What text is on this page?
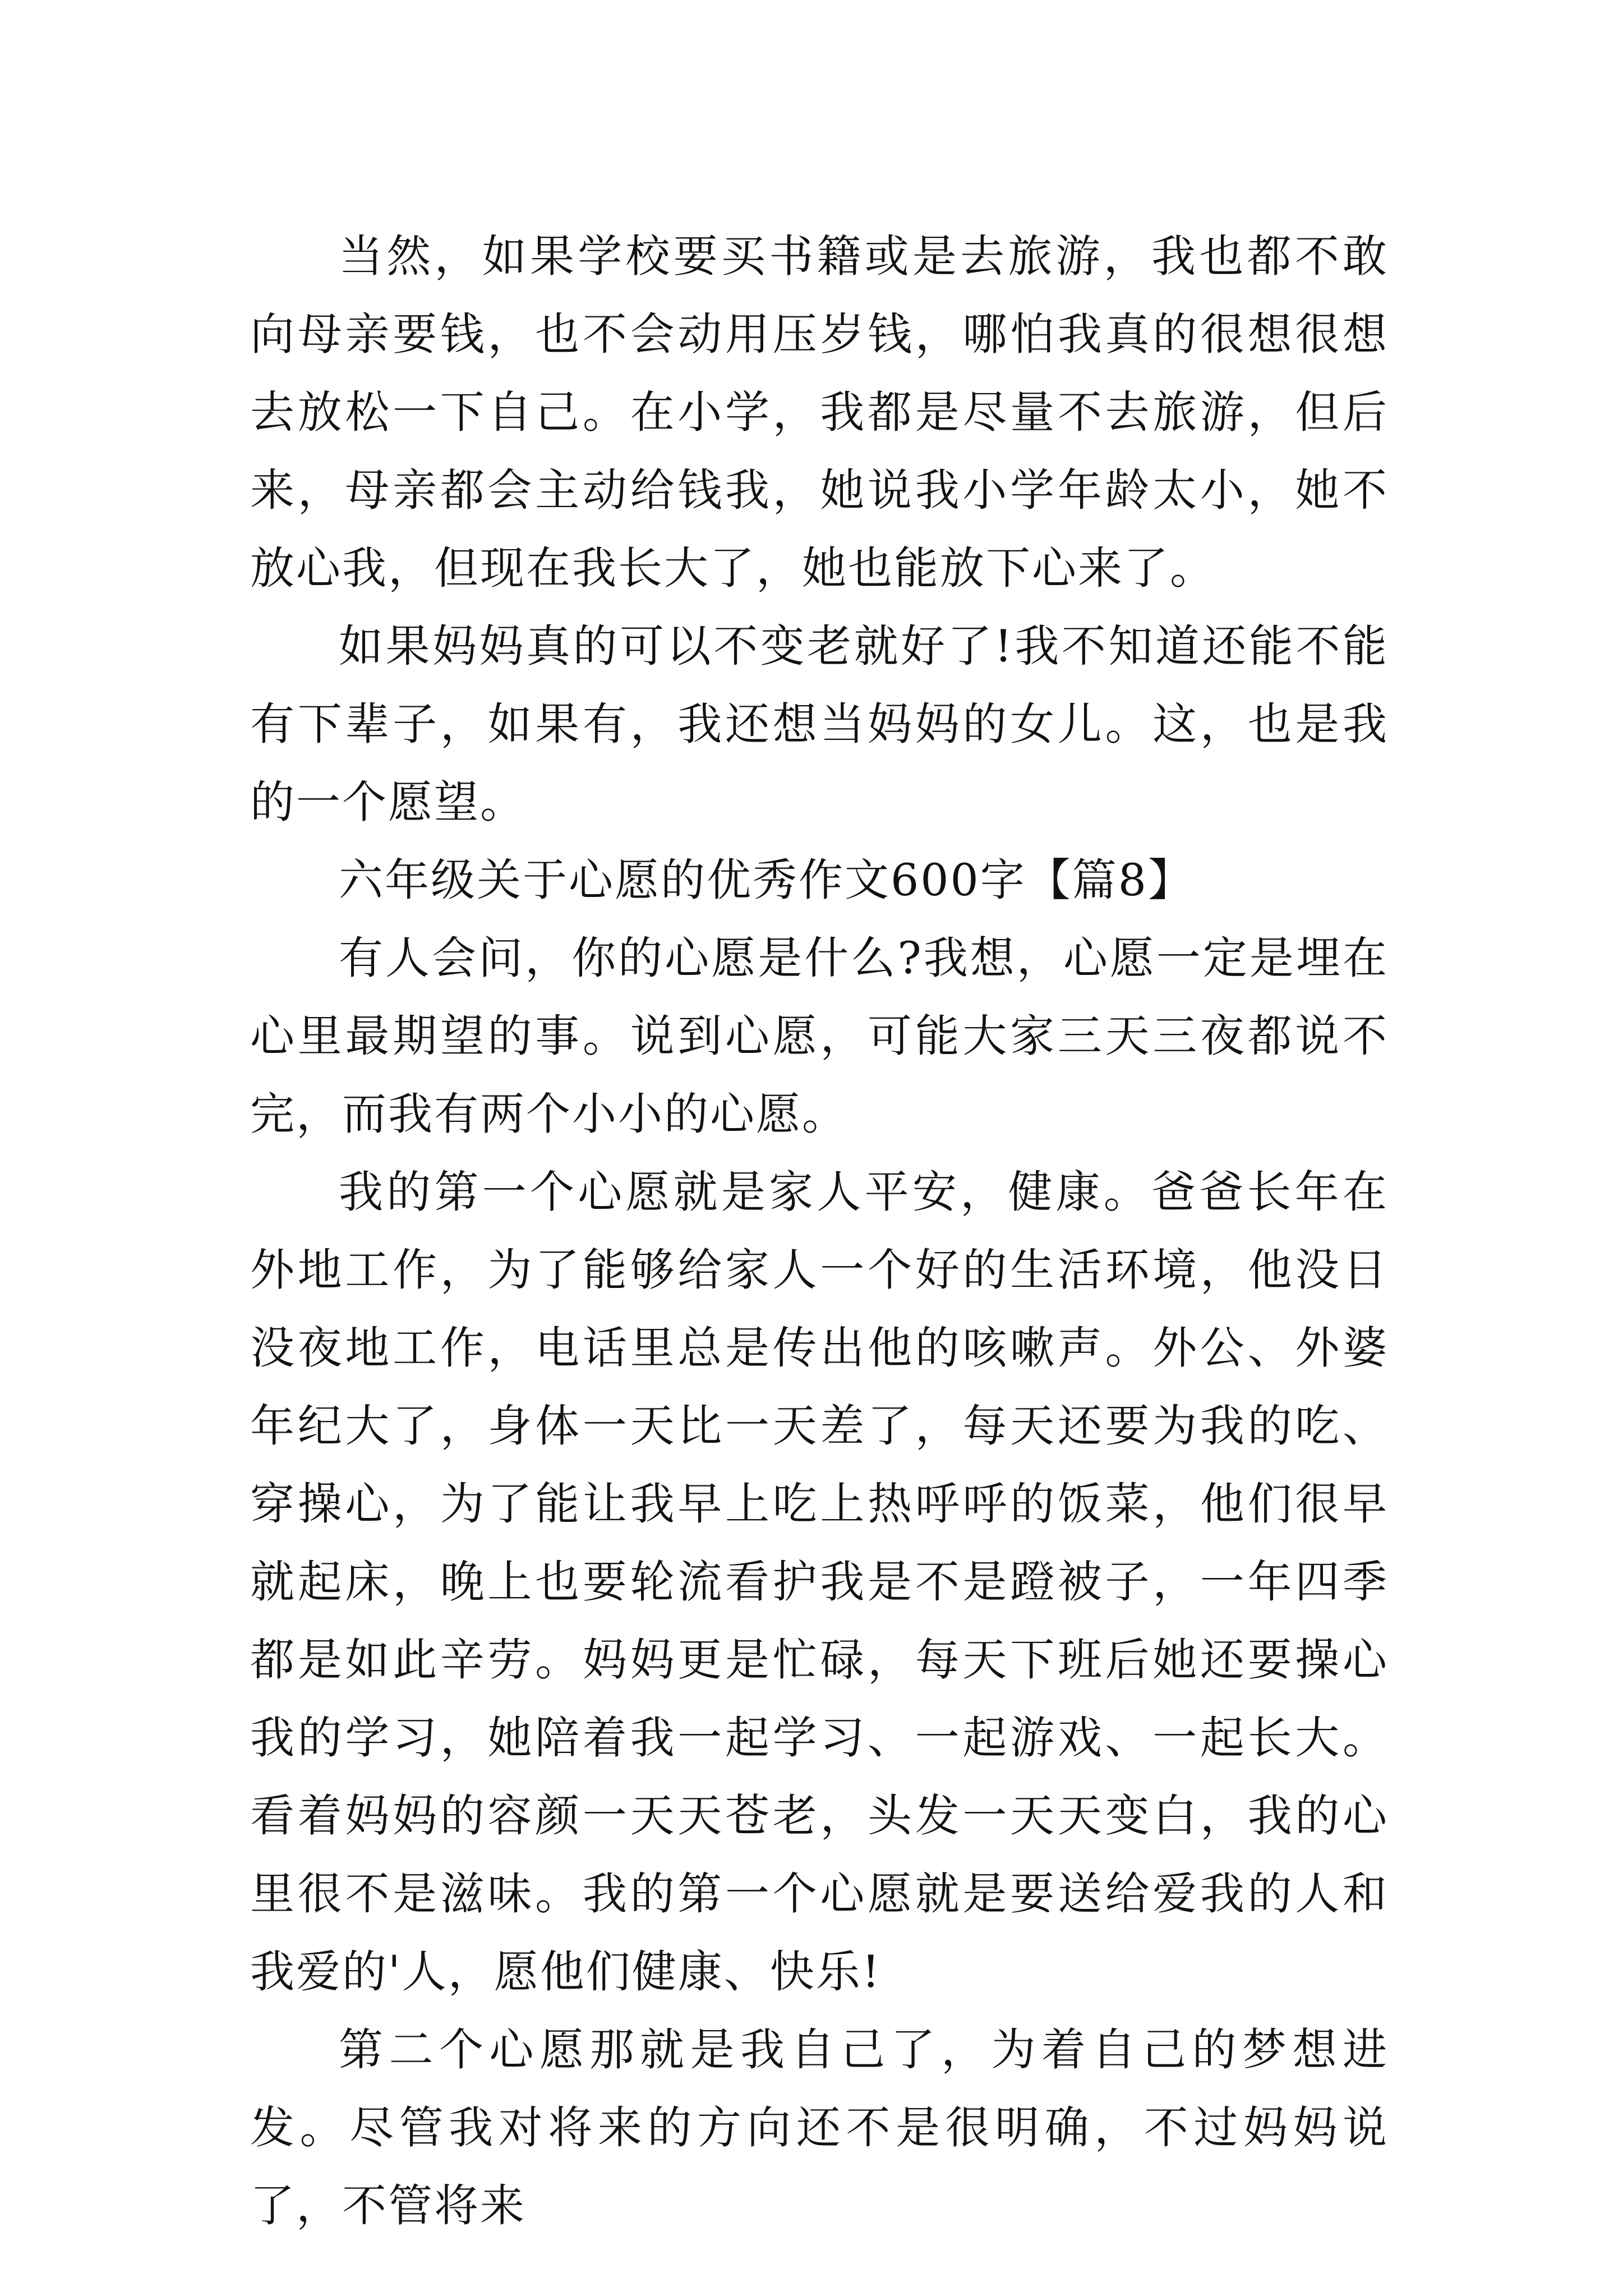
当然，如果学校要买书籍或是去旅游，我也都不敢向母亲要钱，也不会动用压岁钱，哪怕我真的很想很想去放松一下自己。在小学，我都是尽量不去旅游，但后来，母亲都会主动给钱我，她说我小学年龄太小，她不放心我，但现在我长大了，她也能放下心来了。

如果妈妈真的可以不变老就好了!我不知道还能不能有下辈子，如果有，我还想当妈妈的女儿。这，也是我的一个愿望。

六年级关于心愿的优秀作文600字【篇8】

有人会问，你的心愿是什么?我想，心愿一定是埋在心里最期望的事。说到心愿，可能大家三天三夜都说不完，而我有两个小小的心愿。

我的第一个心愿就是家人平安，健康。爸爸长年在外地工作，为了能够给家人一个好的生活环境，他没日没夜地工作，电话里总是传出他的咳嗽声。外公、外婆年纪大了，身体一天比一天差了，每天还要为我的吃、穿操心，为了能让我早上吃上热呼呼的饭菜，他们很早就起床，晚上也要轮流看护我是不是蹬被子，一年四季都是如此辛劳。妈妈更是忙碌，每天下班后她还要操心我的学习，她陪着我一起学习、一起游戏、一起长大。看着妈妈的容颜一天天苍老，头发一天天变白，我的心里很不是滋味。我的第一个心愿就是要送给爱我的人和我爱的'人，愿他们健康、快乐!

第二个心愿那就是我自己了，为着自己的梦想进发。尽管我对将来的方向还不是很明确，不过妈妈说了，不管将来
